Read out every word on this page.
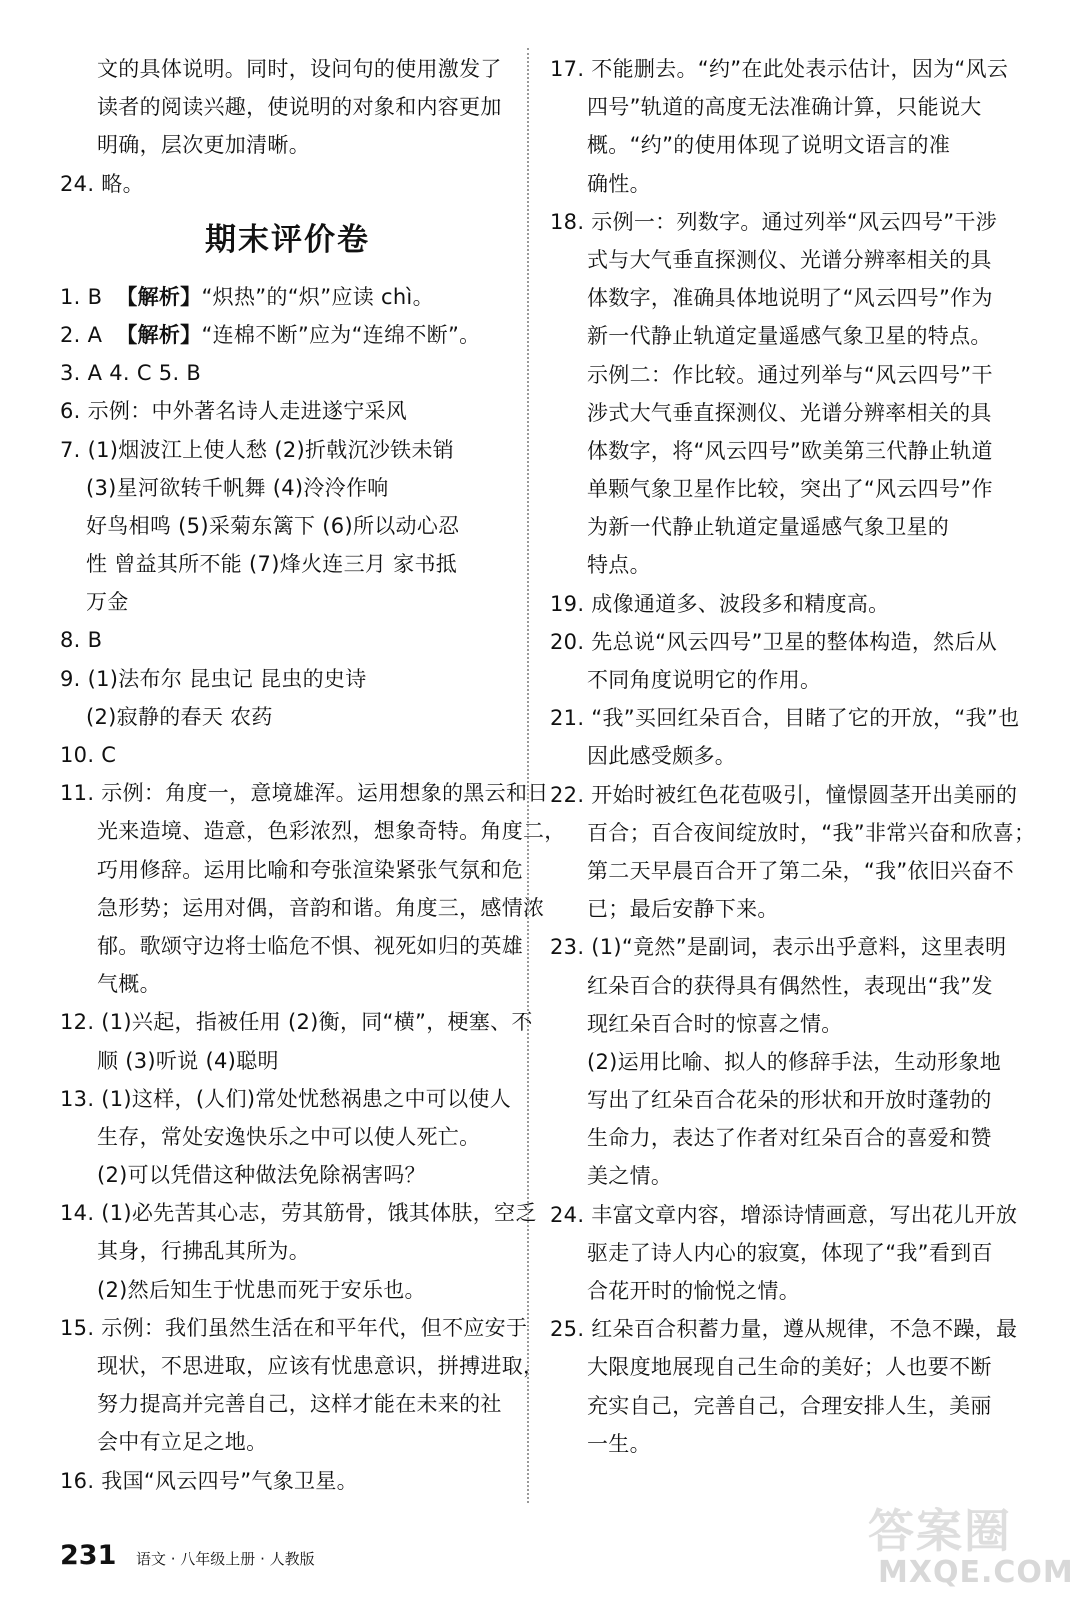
文的具体说明。同时，设问句的使用激发了
读者的阅读兴趣，使说明的对象和内容更加
明确，层次更加清晰。
24. 略。
期末评价卷
1. B  【解析】“炽热”的“炽”应读 chì。
2. A  【解析】“连棉不断”应为“连绵不断”。
3. A 4. C 5. B
6. 示例：中外著名诗人走进遂宁采风
7. (1)烟波江上使人愁 (2)折戟沉沙铁未销
(3)星河欲转千帆舞 (4)泠泠作响
好鸟相鸣 (5)采菊东篱下 (6)所以动心忍
性 曾益其所不能 (7)烽火连三月 家书抵
万金
8. B
9. (1)法布尔 昆虫记 昆虫的史诗
(2)寂静的春天 农药
10. C
11. 示例：角度一，意境雄浑。运用想象的黑云和日
光来造境、造意，色彩浓烈，想象奇特。角度二，
巧用修辞。运用比喻和夸张渲染紧张气氛和危
急形势；运用对偶，音韵和谐。角度三，感情浓
郁。歌颂守边将士临危不惧、视死如归的英雄
气概。
12. (1)兴起，指被任用 (2)衡，同“横”，梗塞、不
顺 (3)听说 (4)聪明
13. (1)这样，(人们)常处忧愁祸患之中可以使人
生存，常处安逸快乐之中可以使人死亡。
(2)可以凭借这种做法免除祸害吗？
14. (1)必先苦其心志，劳其筋骨，饿其体肤，空乏
其身，行拂乱其所为。
(2)然后知生于忧患而死于安乐也。
15. 示例：我们虽然生活在和平年代，但不应安于
现状，不思进取，应该有忧患意识，拼搏进取，
努力提高并完善自己，这样才能在未来的社
会中有立足之地。
16. 我国“风云四号”气象卫星。
17. 不能删去。“约”在此处表示估计，因为“风云
四号”轨道的高度无法准确计算，只能说大
概。“约”的使用体现了说明文语言的准
确性。
18. 示例一：列数字。通过列举“风云四号”干涉
式与大气垂直探测仪、光谱分辨率相关的具
体数字，准确具体地说明了“风云四号”作为
新一代静止轨道定量遥感气象卫星的特点。
示例二：作比较。通过列举与“风云四号”干
涉式大气垂直探测仪、光谱分辨率相关的具
体数字，将“风云四号”欧美第三代静止轨道
单颗气象卫星作比较，突出了“风云四号”作
为新一代静止轨道定量遥感气象卫星的
特点。
19. 成像通道多、波段多和精度高。
20. 先总说“风云四号”卫星的整体构造，然后从
不同角度说明它的作用。
21. “我”买回红朵百合，目睹了它的开放，“我”也
因此感受颇多。
22. 开始时被红色花苞吸引，憧憬圆茎开出美丽的
百合；百合夜间绽放时，“我”非常兴奋和欣喜；
第二天早晨百合开了第二朵，“我”依旧兴奋不
已；最后安静下来。
23. (1)“竟然”是副词，表示出乎意料，这里表明
红朵百合的获得具有偶然性，表现出“我”发
现红朵百合时的惊喜之情。
(2)运用比喻、拟人的修辞手法，生动形象地
写出了红朵百合花朵的形状和开放时蓬勃的
生命力，表达了作者对红朵百合的喜爱和赞
美之情。
24. 丰富文章内容，增添诗情画意，写出花儿开放
驱走了诗人内心的寂寞，体现了“我”看到百
合花开时的愉悦之情。
25. 红朵百合积蓄力量，遵从规律，不急不躁，最
大限度地展现自己生命的美好；人也要不断
充实自己，完善自己，合理安排人生，美丽
一生。
231 语文 · 八年级上册 · 人教版
答案圈
MXQE.COM
